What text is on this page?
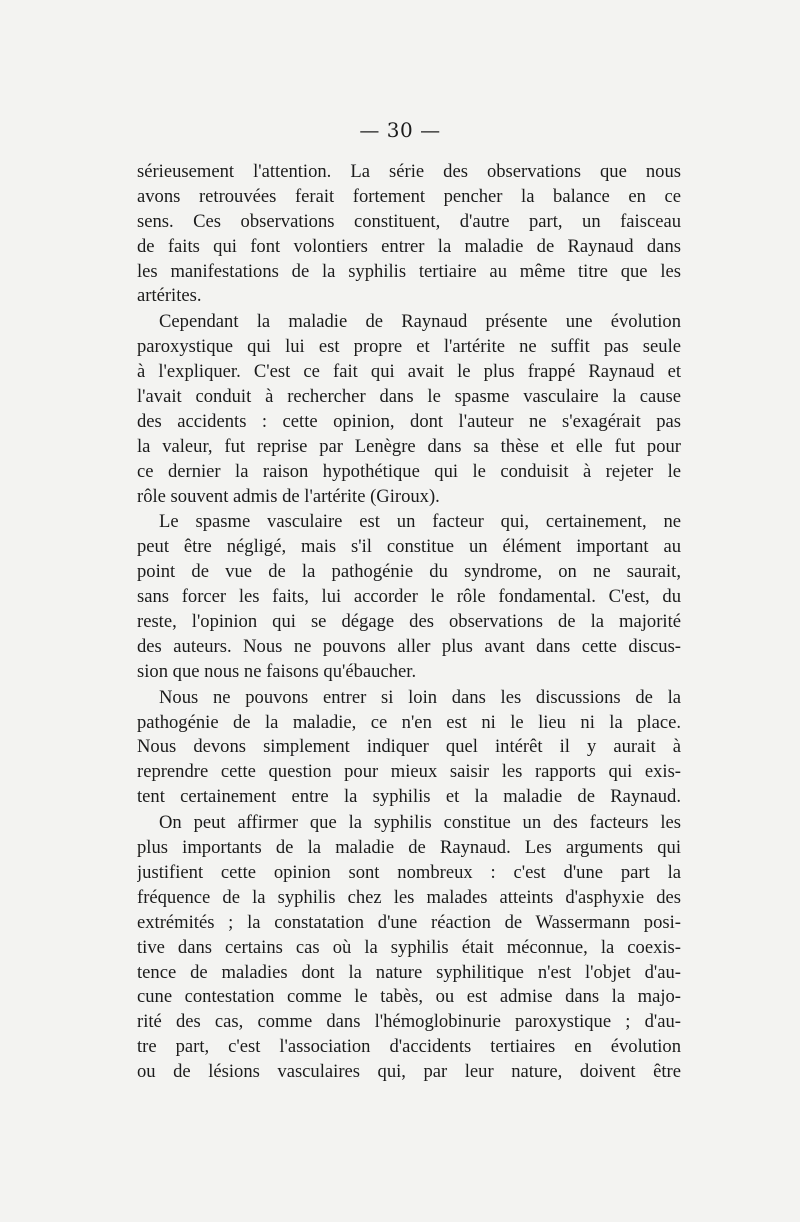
— 30 —
sérieusement l'attention. La série des observations que nous
avons retrouvées ferait fortement pencher la balance en ce
sens. Ces observations constituent, d'autre part, un faisceau
de faits qui font volontiers entrer la maladie de Raynaud dans
les manifestations de la syphilis tertiaire au même titre que les
artérites.
Cependant la maladie de Raynaud présente une évolution
paroxystique qui lui est propre et l'artérite ne suffit pas seule
à l'expliquer. C'est ce fait qui avait le plus frappé Raynaud et
l'avait conduit à rechercher dans le spasme vasculaire la cause
des accidents : cette opinion, dont l'auteur ne s'exagérait pas
la valeur, fut reprise par Lenègre dans sa thèse et elle fut pour
ce dernier la raison hypothétique qui le conduisit à rejeter le
rôle souvent admis de l'artérite (Giroux).
Le spasme vasculaire est un facteur qui, certainement, ne
peut être négligé, mais s'il constitue un élément important au
point de vue de la pathogénie du syndrome, on ne saurait,
sans forcer les faits, lui accorder le rôle fondamental. C'est, du
reste, l'opinion qui se dégage des observations de la majorité
des auteurs. Nous ne pouvons aller plus avant dans cette discus-
sion que nous ne faisons qu'ébaucher.
Nous ne pouvons entrer si loin dans les discussions de la
pathogénie de la maladie, ce n'en est ni le lieu ni la place.
Nous devons simplement indiquer quel intérêt il y aurait à
reprendre cette question pour mieux saisir les rapports qui exis-
tent certainement entre la syphilis et la maladie de Raynaud.
On peut affirmer que la syphilis constitue un des facteurs les
plus importants de la maladie de Raynaud. Les arguments qui
justifient cette opinion sont nombreux : c'est d'une part la
fréquence de la syphilis chez les malades atteints d'asphyxie des
extrémités ; la constatation d'une réaction de Wassermann posi-
tive dans certains cas où la syphilis était méconnue, la coexis-
tence de maladies dont la nature syphilitique n'est l'objet d'au-
cune contestation comme le tabès, ou est admise dans la majo-
rité des cas, comme dans l'hémoglobinurie paroxystique ; d'au-
tre part, c'est l'association d'accidents tertiaires en évolution
ou de lésions vasculaires qui, par leur nature, doivent être
